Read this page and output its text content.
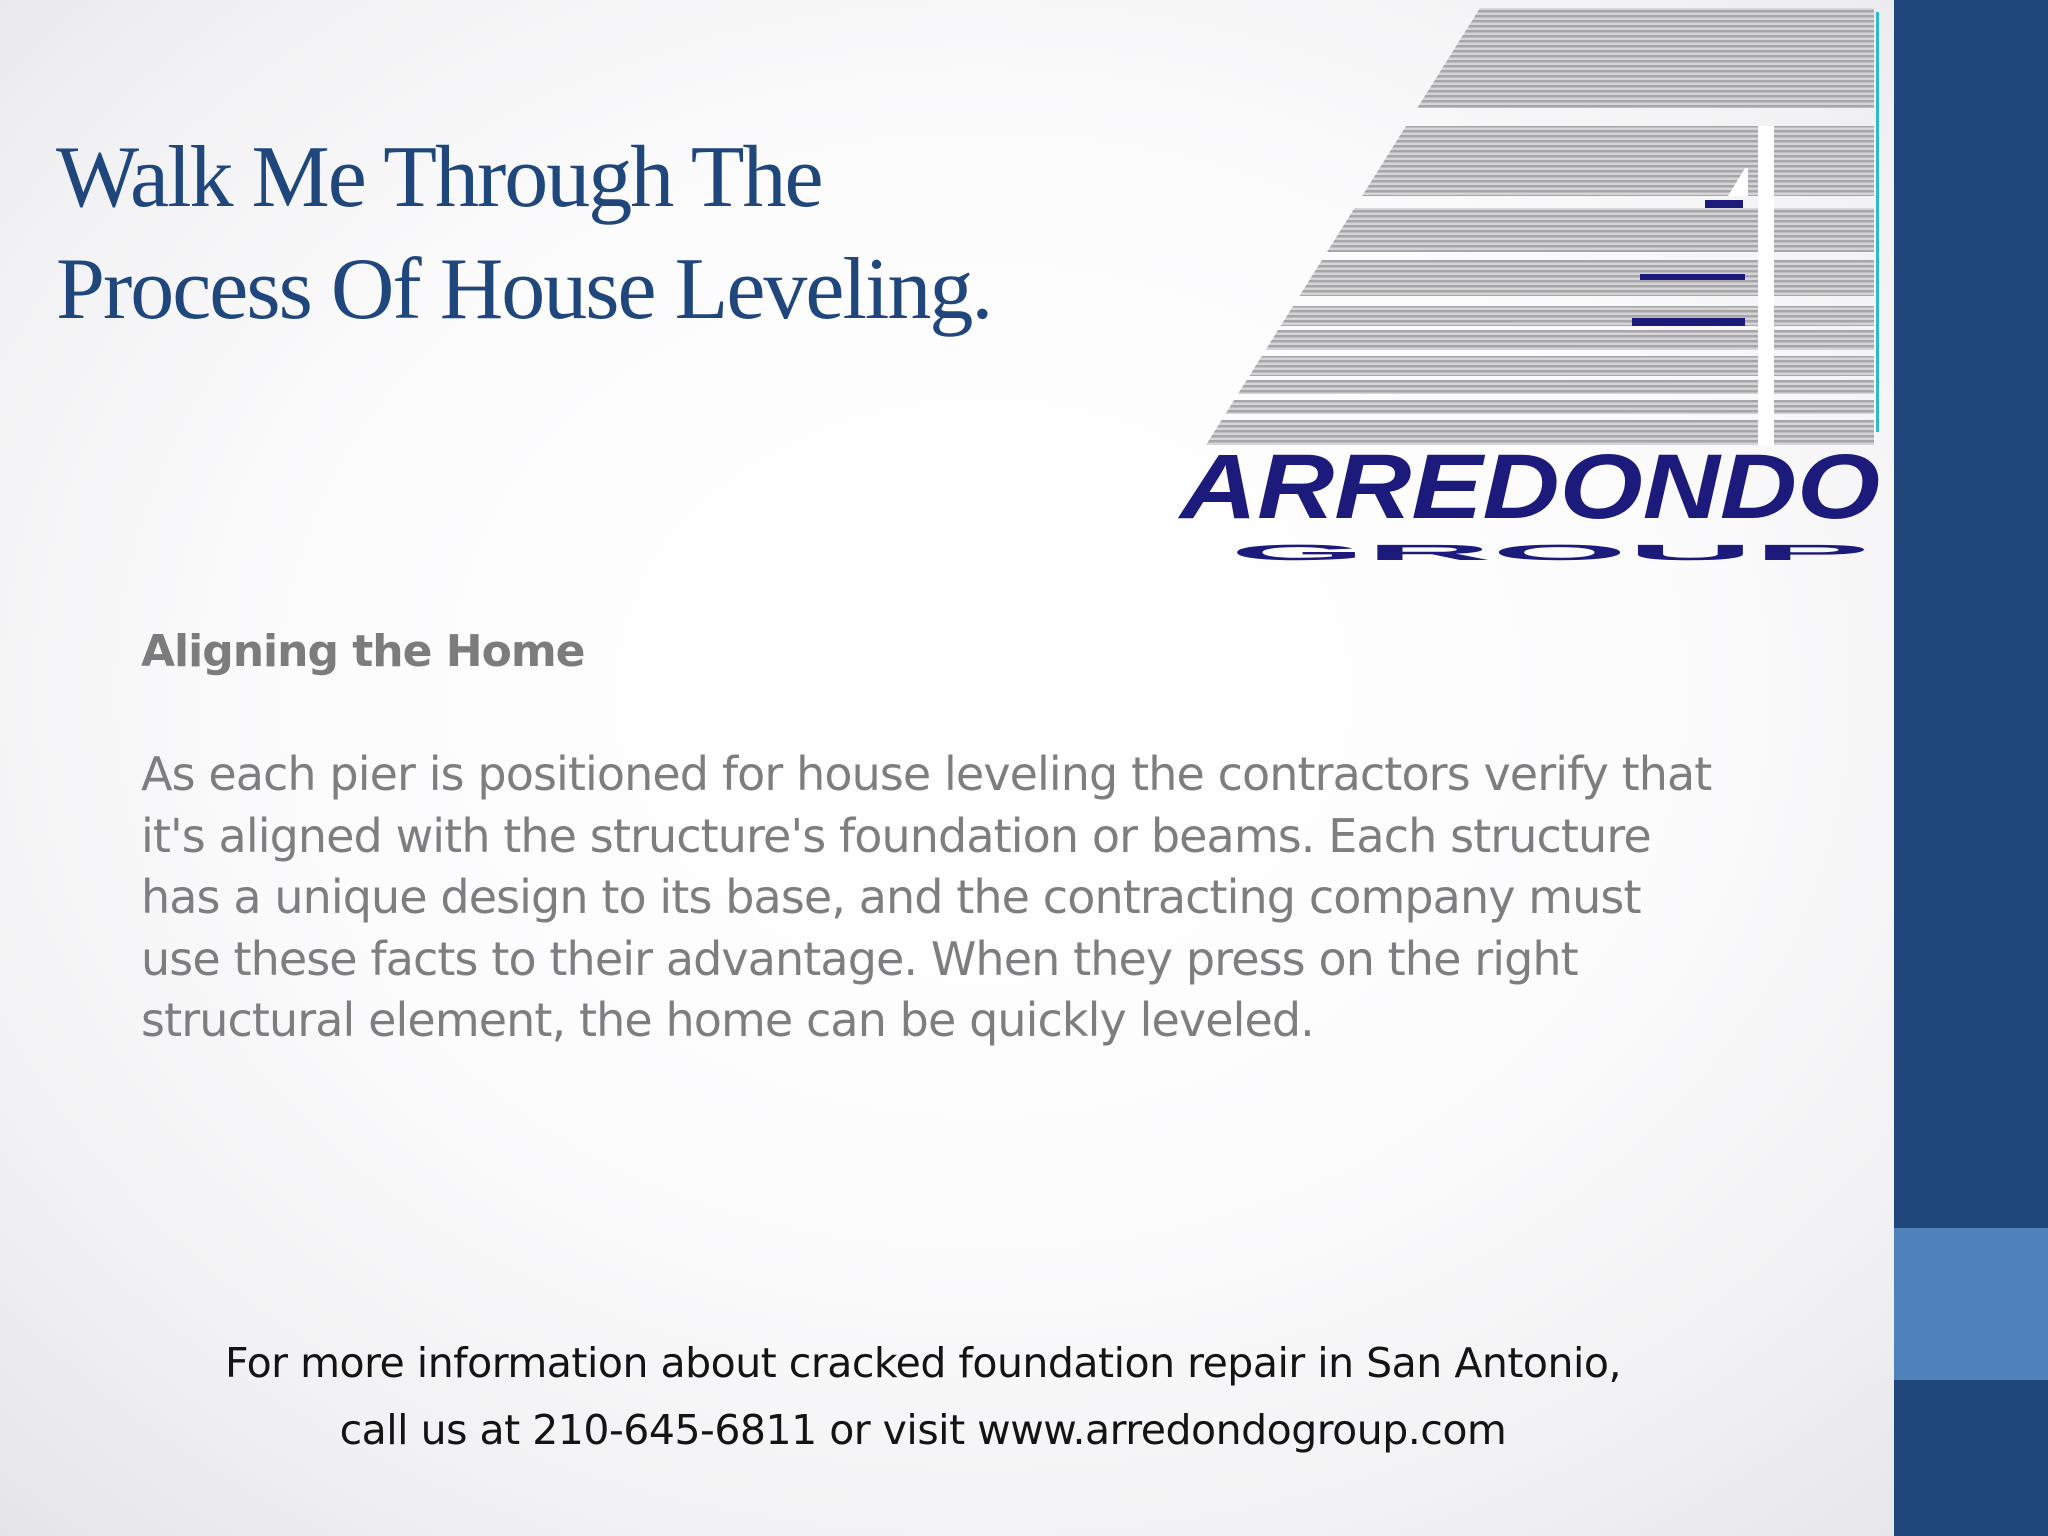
Walk Me Through The
Process Of House Leveling.
ARREDONDO
GROUP
Aligning the Home

As each pier is positioned for house leveling the contractors verify that it's aligned with the structure's foundation or beams. Each structure has a unique design to its base, and the contracting company must use these facts to their advantage. When they press on the right structural element, the home can be quickly leveled.

For more information about cracked foundation repair in San Antonio,
call us at 210-645-6811 or visit www.arredondogroup.com
